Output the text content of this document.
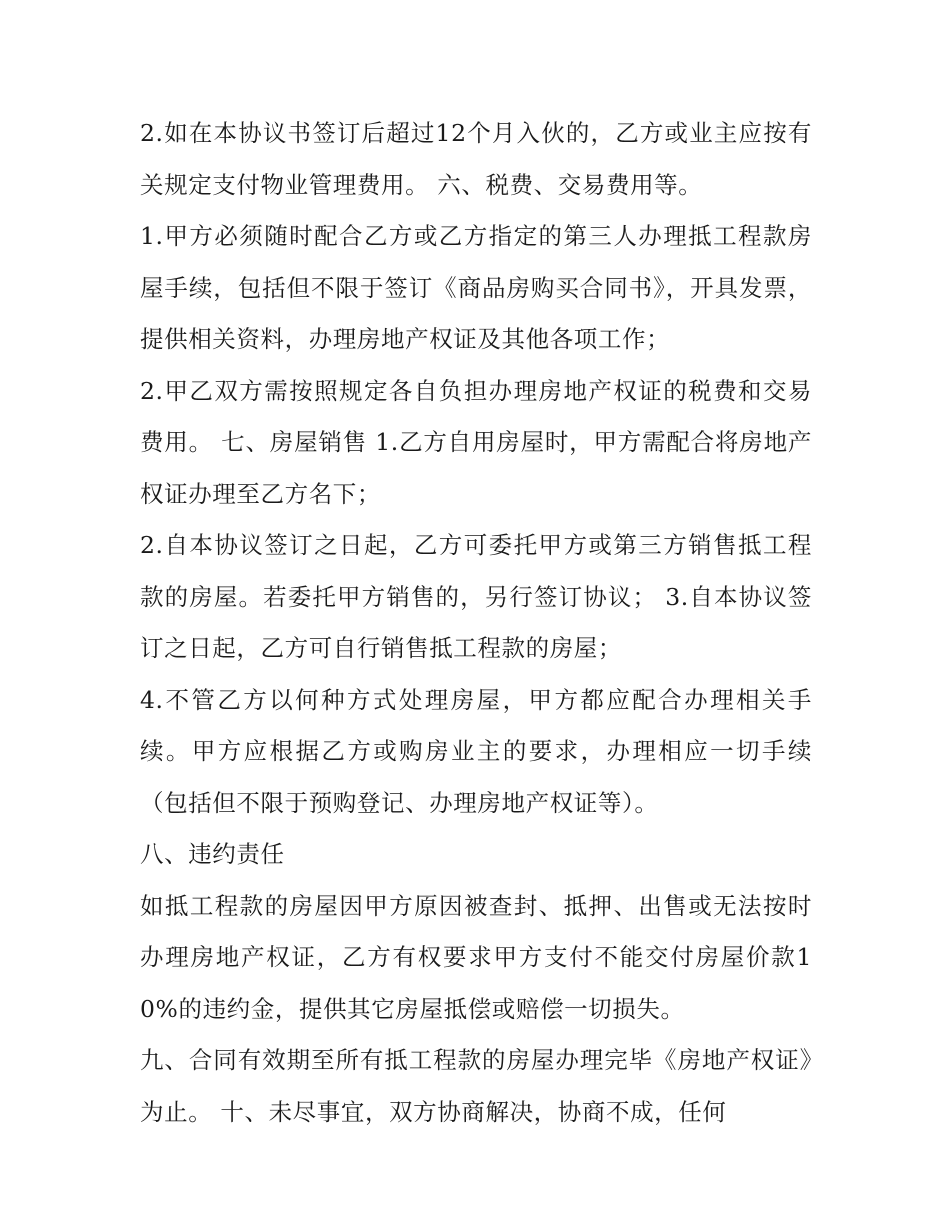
2.如在本协议书签订后超过12个月入伙的，乙方或业主应按有关规定支付物业管理费用。 六、税费、交易费用等。

1.甲方必须随时配合乙方或乙方指定的第三人办理抵工程款房屋手续，包括但不限于签订《商品房购买合同书》，开具发票，提供相关资料，办理房地产权证及其他各项工作；

2.甲乙双方需按照规定各自负担办理房地产权证的税费和交易费用。 七、房屋销售 1.乙方自用房屋时，甲方需配合将房地产权证办理至乙方名下；

2.自本协议签订之日起，乙方可委托甲方或第三方销售抵工程款的房屋。若委托甲方销售的，另行签订协议； 3.自本协议签订之日起，乙方可自行销售抵工程款的房屋；

4.不管乙方以何种方式处理房屋，甲方都应配合办理相关手续。甲方应根据乙方或购房业主的要求，办理相应一切手续（包括但不限于预购登记、办理房地产权证等）。

八、违约责任

如抵工程款的房屋因甲方原因被查封、抵押、出售或无法按时办理房地产权证，乙方有权要求甲方支付不能交付房屋价款10%的违约金，提供其它房屋抵偿或赔偿一切损失。

九、合同有效期至所有抵工程款的房屋办理完毕《房地产权证》为止。 十、未尽事宜，双方协商解决，协商不成，任何
